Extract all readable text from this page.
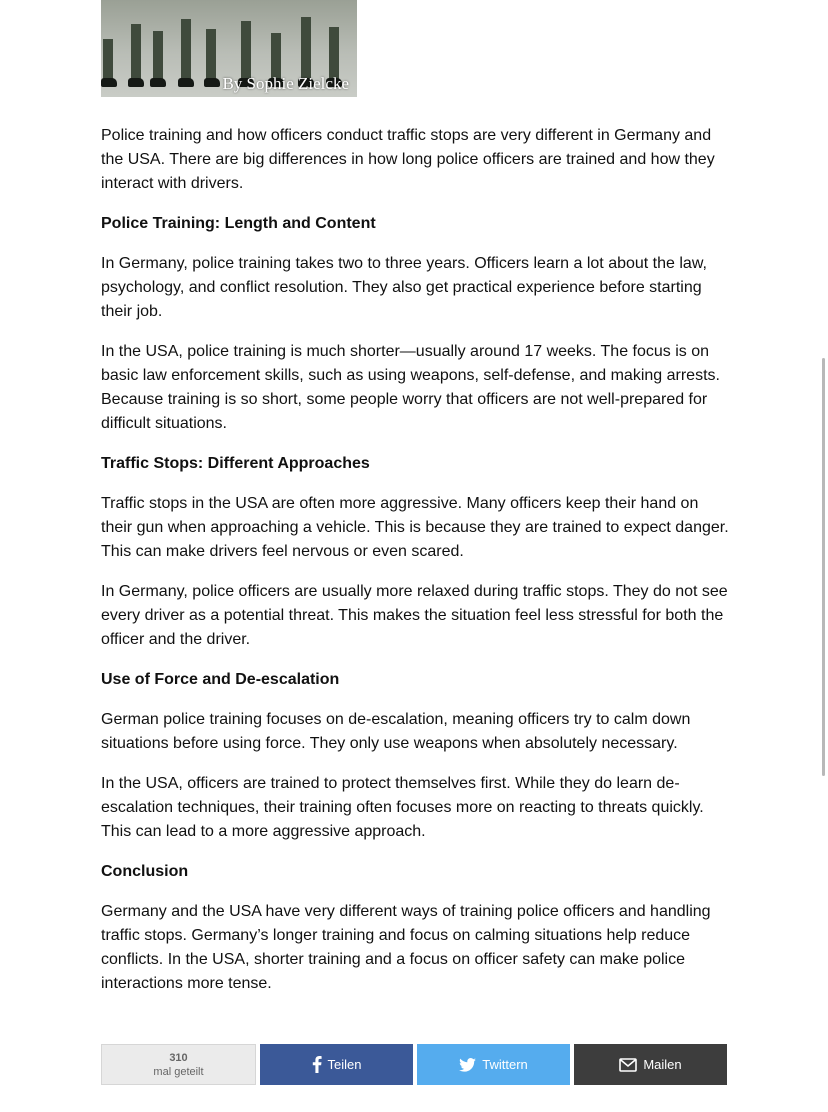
By Sophie Zielcke

Police training and how officers conduct traffic stops are very different in Germany and the USA. There are big differences in how long police officers are trained and how they interact with drivers.

Police Training: Length and Content

In Germany, police training takes two to three years. Officers learn a lot about the law, psychology, and conflict resolution. They also get practical experience before starting their job.

In the USA, police training is much shorter—usually around 17 weeks. The focus is on basic law enforcement skills, such as using weapons, self-defense, and making arrests. Because training is so short, some people worry that officers are not well-prepared for difficult situations.

Traffic Stops: Different Approaches

Traffic stops in the USA are often more aggressive. Many officers keep their hand on their gun when approaching a vehicle. This is because they are trained to expect danger. This can make drivers feel nervous or even scared.

In Germany, police officers are usually more relaxed during traffic stops. They do not see every driver as a potential threat. This makes the situation feel less stressful for both the officer and the driver.

Use of Force and De-escalation

German police training focuses on de-escalation, meaning officers try to calm down situations before using force. They only use weapons when absolutely necessary.

In the USA, officers are trained to protect themselves first. While they do learn de-escalation techniques, their training often focuses more on reacting to threats quickly. This can lead to a more aggressive approach.

Conclusion

Germany and the USA have very different ways of training police officers and handling traffic stops. Germany’s longer training and focus on calming situations help reduce conflicts. In the USA, shorter training and a focus on officer safety can make police interactions more tense.

310
mal geteilt	Teilen	Twittern	Mailen
